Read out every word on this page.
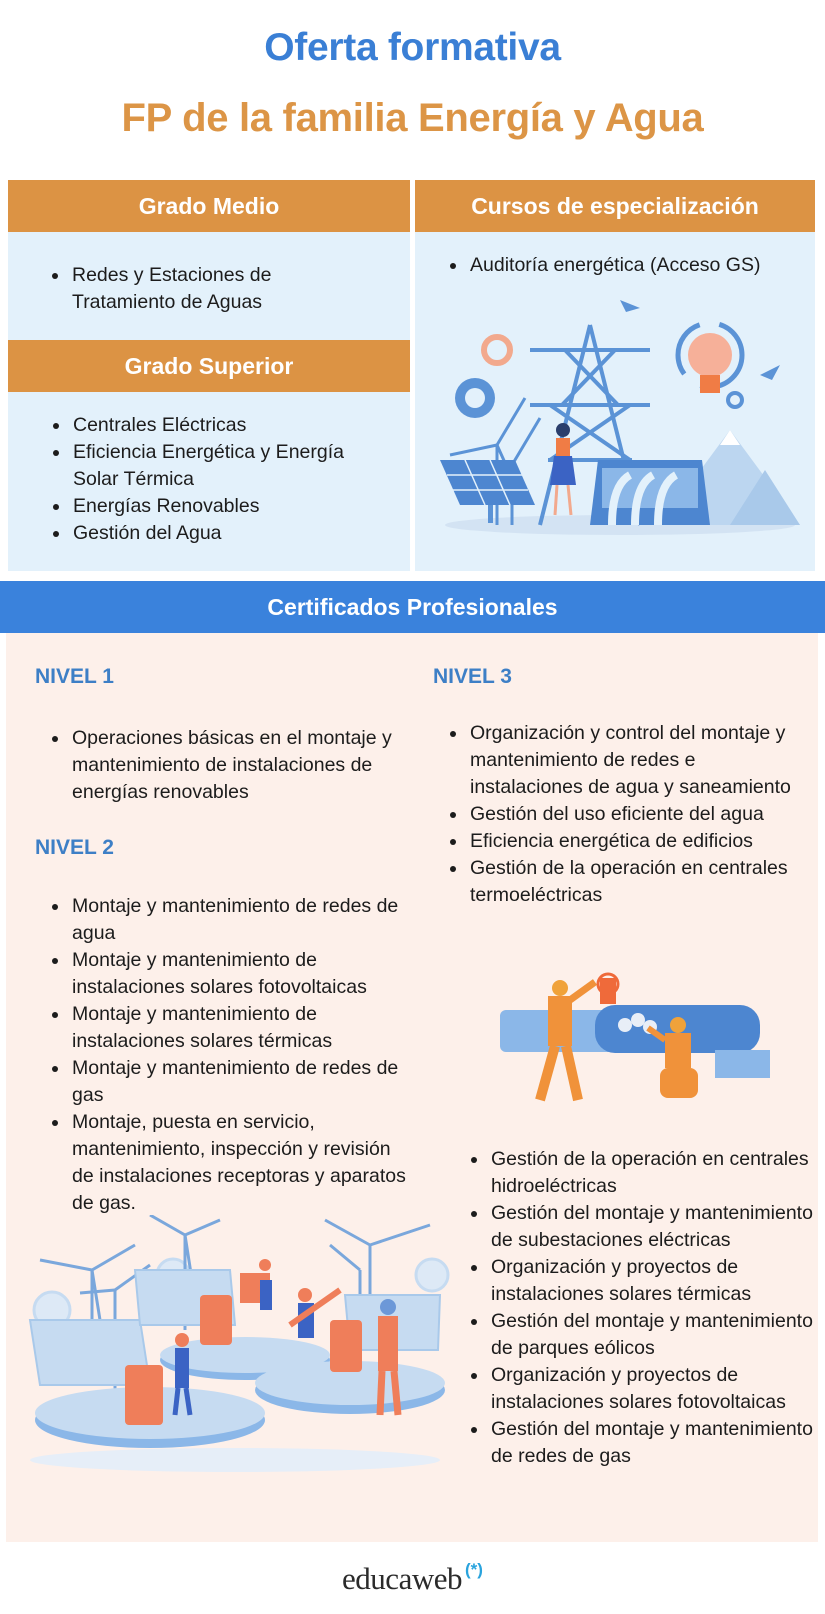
Oferta formativa
FP de la familia Energía y Agua
Grado Medio
Redes y Estaciones de Tratamiento de Aguas
Grado Superior
Centrales Eléctricas
Eficiencia Energética y Energía Solar Térmica
Energías Renovables
Gestión del Agua
Cursos de especialización
Auditoría energética (Acceso GS)
Certificados Profesionales
NIVEL 1
Operaciones básicas en el montaje y mantenimiento de instalaciones de energías renovables
NIVEL 2
Montaje y mantenimiento de redes de agua
Montaje y mantenimiento de instalaciones solares fotovoltaicas
Montaje y mantenimiento de instalaciones solares térmicas
Montaje y mantenimiento de redes de gas
Montaje, puesta en servicio, mantenimiento, inspección y revisión de instalaciones receptoras y aparatos de gas.
NIVEL 3
Organización y control del montaje y mantenimiento de redes e instalaciones de agua y saneamiento
Gestión del uso eficiente del agua
Eficiencia energética de edificios
Gestión de la operación en centrales termoeléctricas
Gestión de la operación en centrales hidroeléctricas
Gestión del montaje y mantenimiento de subestaciones eléctricas
Organización y proyectos de instalaciones solares térmicas
Gestión del montaje y mantenimiento de parques eólicos
Organización y proyectos de instalaciones solares fotovoltaicas
Gestión del montaje y mantenimiento de redes de gas
educaweb (*)
